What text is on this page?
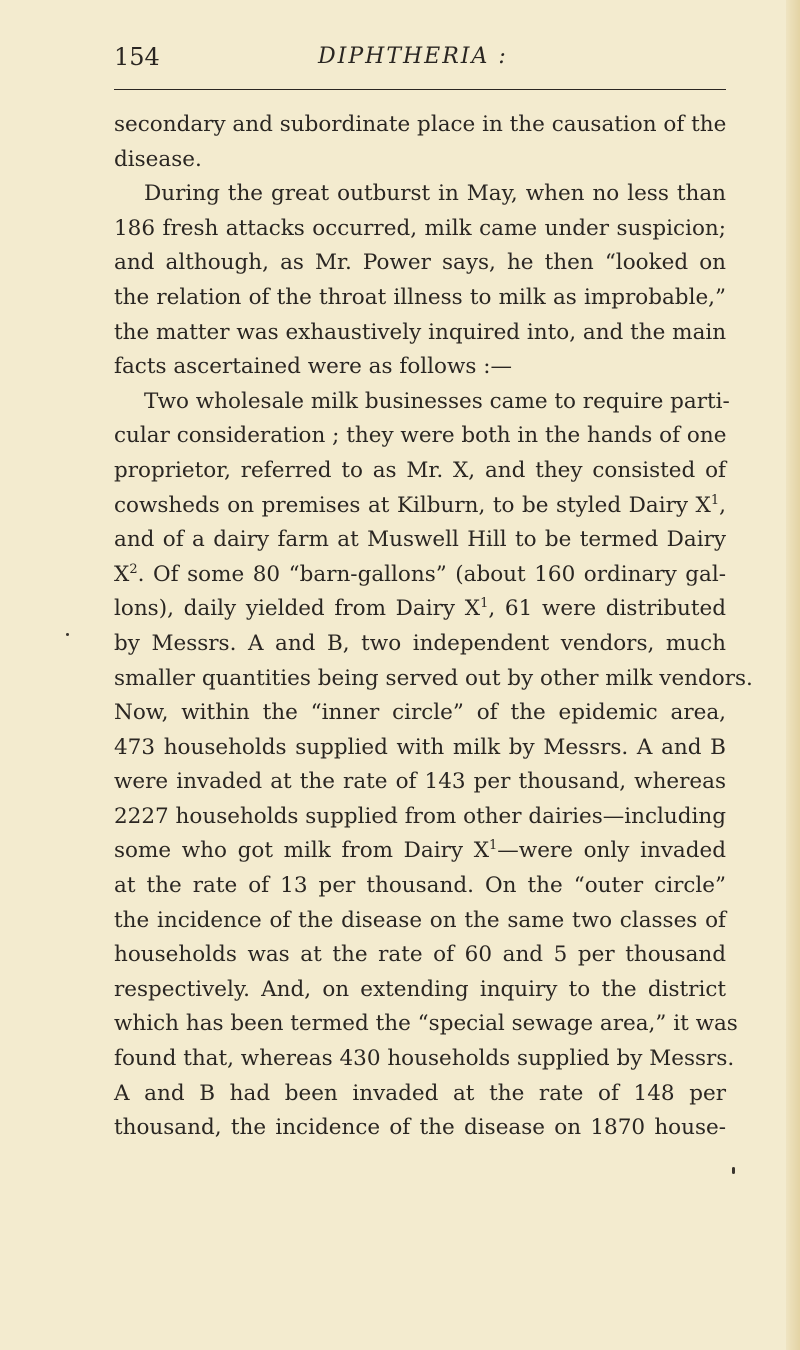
154	DIPHTHERIA :
secondary and subordinate place in the causation of the
disease.
During the great outburst in May, when no less than
186 fresh attacks occurred, milk came under suspicion;
and although, as Mr. Power says, he then “looked on
the relation of the throat illness to milk as improbable,”
the matter was exhaustively inquired into, and the main
facts ascertained were as follows :—
Two wholesale milk businesses came to require parti-
cular consideration ; they were both in the hands of one
proprietor, referred to as Mr. X, and they consisted of
cowsheds on premises at Kilburn, to be styled Dairy $X^1$,
and of a dairy farm at Muswell Hill to be termed Dairy
$X^2$. Of some 80 “barn-gallons” (about 160 ordinary gal-
lons), daily yielded from Dairy $X^1$, 61 were distributed
by Messrs. A and B, two independent vendors, much
smaller quantities being served out by other milk vendors.
Now, within the “inner circle” of the epidemic area,
473 households supplied with milk by Messrs. A and B
were invaded at the rate of 143 per thousand, whereas
2227 households supplied from other dairies—including
some who got milk from Dairy $X^1—were$ only invaded
at the rate of 13 per thousand. On the “outer circle”
the incidence of the disease on the same two classes of
households was at the rate of 60 and 5 per thousand
respectively. And, on extending inquiry to the district
which has been termed the “special sewage area,” it was
found that, whereas 430 households supplied by Messrs.
A and B had been invaded at the rate of 148 per
thousand, the incidence of the disease on 1870 house-
